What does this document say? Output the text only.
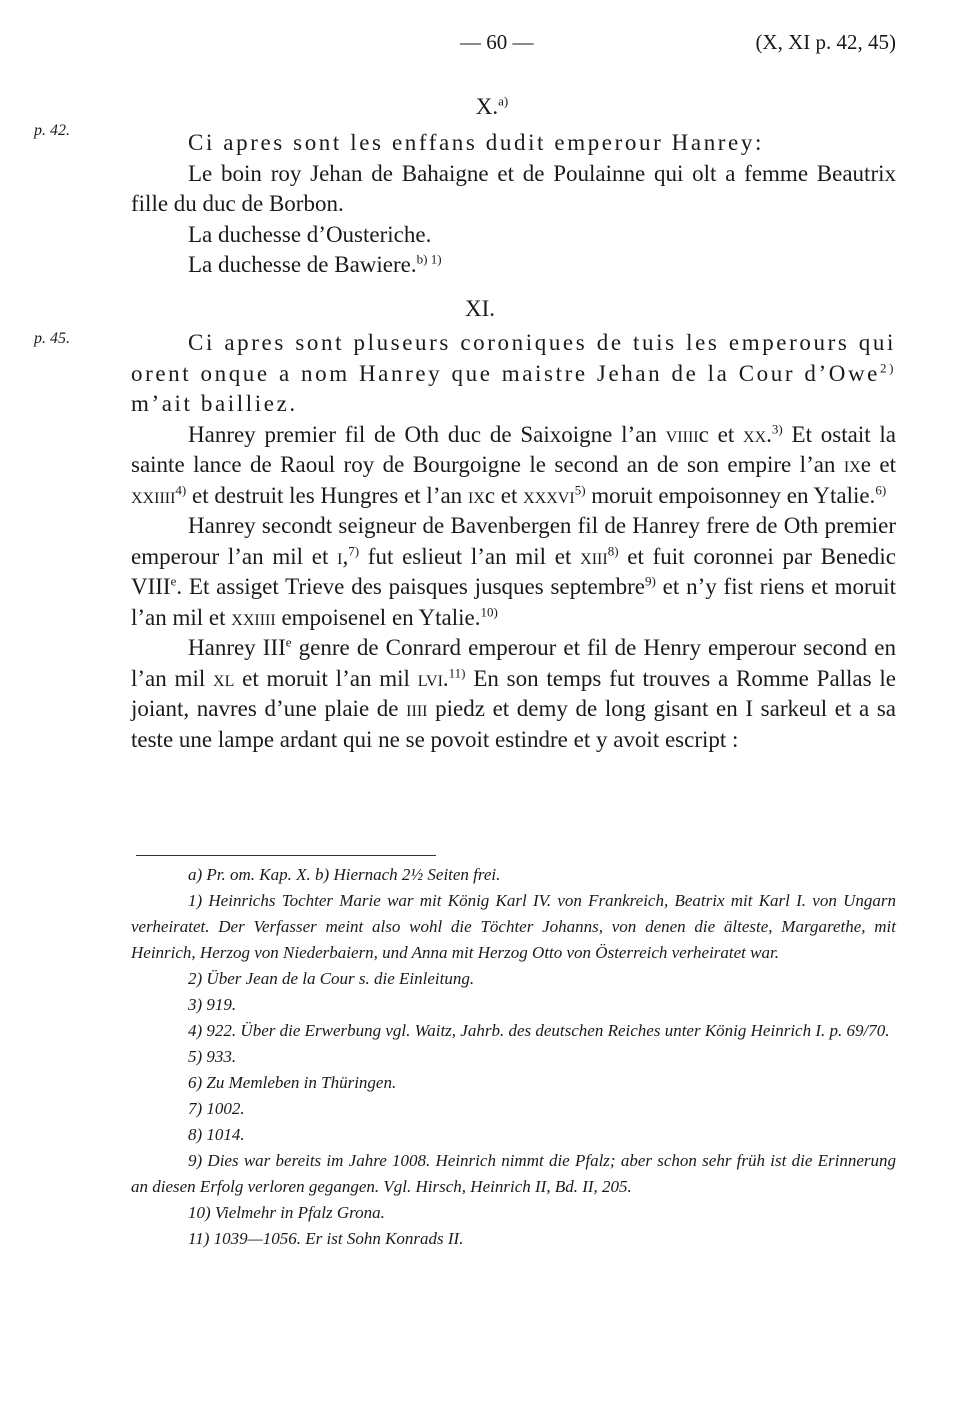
— 60 —	(X, XI p. 42, 45)
p. 42.
p. 45.
X.$^{a)}$
Ci apres sont les enffans dudit emperour Hanrey:
Le boin roy Jehan de Bahaigne et de Poulainne qui olt a femme Beautrix fille du duc de Borbon.
La duchesse d’Ousteriche.
La duchesse de Bawiere.$^{b) 1)}$
XI.
Ci apres sont pluseurs coroniques de tuis les emperours qui orent onque a nom Hanrey que maistre Jehan de la Cour d’Owe$^{2)}$ m’ait bailliez.
Hanrey premier fil de Oth duc de Saixoigne l’an viiiic et xx.$^{3)}$ Et ostait la sainte lance de Raoul roy de Bourgoigne le second an de son empire l’an ixe et xxiiii$^{4)}$ et destruit les Hungres et l’an ixc et xxxvi$^{5)}$ moruit empoisonney en Ytalie.$^{6)}$
Hanrey secondt seigneur de Bavenbergen fil de Hanrey frere de Oth premier emperour l’an mil et i,$^{7)}$ fut eslieut l’an mil et xiii$^{8)}$ et fuit coronnei par Benedic VIIIe. Et assiget Trieve des paisques jusques septembre$^{9)}$ et n’y fist riens et moruit l’an mil et xxiiii empoisenel en Ytalie.$^{10)}$
Hanrey IIIe genre de Conrard emperour et fil de Henry emperour second en l’an mil xl et moruit l’an mil lvi.$^{11)}$ En son temps fut trouves a Romme Pallas le joiant, navres d’une plaie de iiii piedz et demy de long gisant en I sarkeul et a sa teste une lampe ardant qui ne se povoit estindre et y avoit escript :

a) Pr. om. Kap. X. b) Hiernach 2½ Seiten frei.

1) Heinrichs Tochter Marie war mit König Karl IV. von Frankreich, Beatrix mit Karl I. von Ungarn verheiratet. Der Verfasser meint also wohl die Töchter Johanns, von denen die älteste, Margarethe, mit Heinrich, Herzog von Niederbaiern, und Anna mit Herzog Otto von Österreich verheiratet war.

2) Über Jean de la Cour s. die Einleitung.

3) 919.

4) 922. Über die Erwerbung vgl. Waitz, Jahrb. des deutschen Reiches unter König Heinrich I. p. 69/70.

5) 933.

6) Zu Memleben in Thüringen.

7) 1002.

8) 1014.

9) Dies war bereits im Jahre 1008. Heinrich nimmt die Pfalz; aber schon sehr früh ist die Erinnerung an diesen Erfolg verloren gegangen. Vgl. Hirsch, Heinrich II, Bd. II, 205.

10) Vielmehr in Pfalz Grona.

11) 1039—1056. Er ist Sohn Konrads II.
